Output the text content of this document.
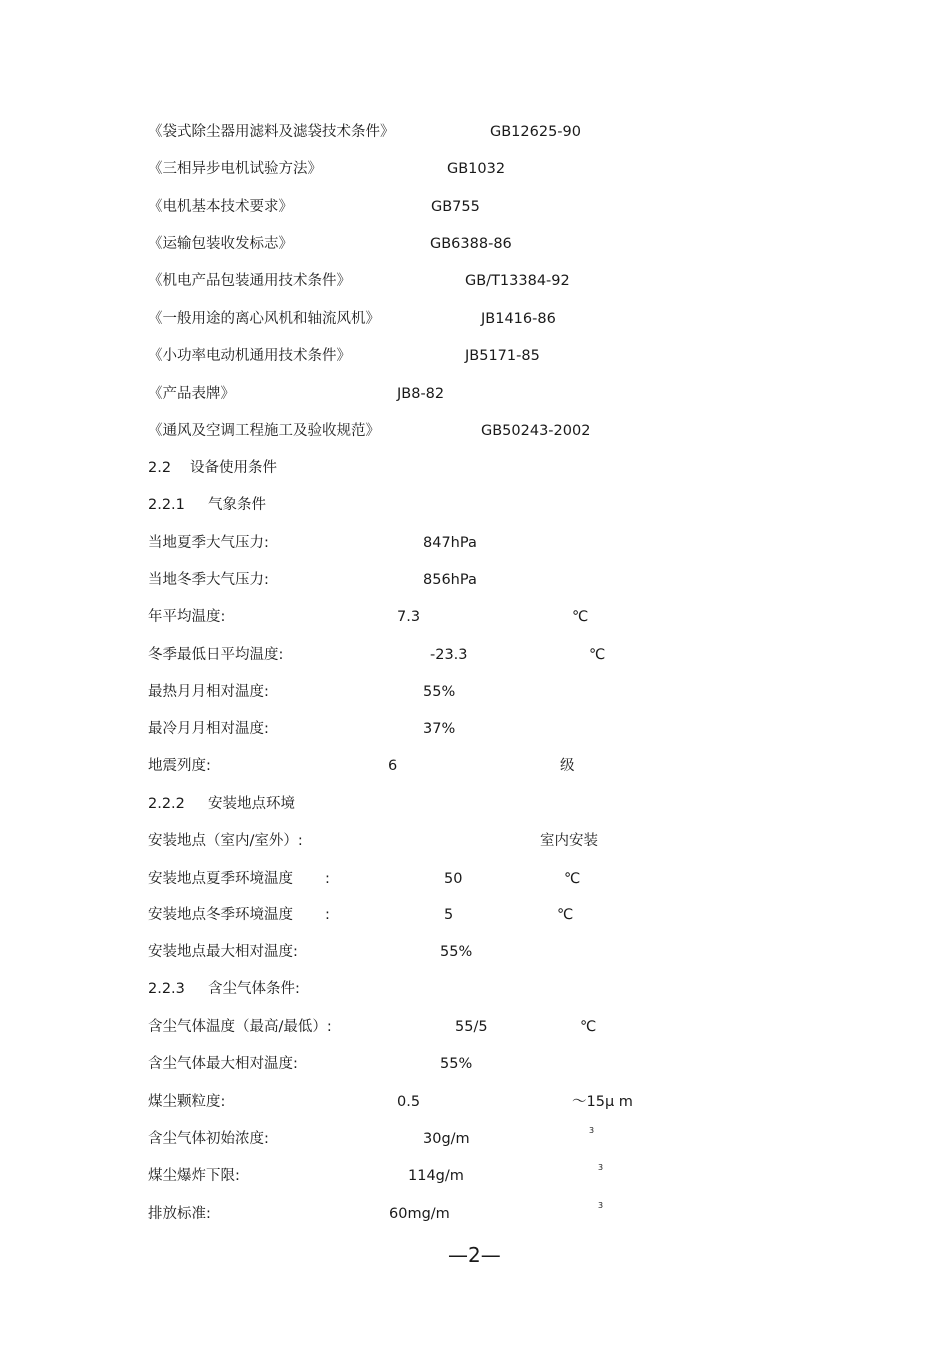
《袋式除尘器用滤料及滤袋技术条件》	GB12625-90
《三相异步电机试验方法》	GB1032
《电机基本技术要求》	GB755
《运输包装收发标志》	GB6388-86
《机电产品包装通用技术条件》	GB/T13384-92
《一般用途的离心风机和轴流风机》	JB1416-86
《小功率电动机通用技术条件》	JB5171-85
《产品表牌》	JB8-82
《通风及空调工程施工及验收规范》	GB50243-2002
2.2 设备使用条件
2.2.1 气象条件
当地夏季大气压力:	847hPa
当地冬季大气压力:	856hPa
年平均温度:	7.3	℃
冬季最低日平均温度:	-23.3	℃
最热月月相对温度:	55%
最冷月月相对温度:	37%
地震列度:	6	级
2.2.2 安装地点环境
安装地点（室内/室外）:	室内安装
安装地点夏季环境温度 :	50	℃
安装地点冬季环境温度 :	5	℃
安装地点最大相对温度:	55%
2.2.3 含尘气体条件:
含尘气体温度（最高/最低）:	55/5	℃
含尘气体最大相对温度:	55%
煤尘颗粒度:	0.5	～15μ m
含尘气体初始浓度:	30g/m
3
煤尘爆炸下限:	114g/m
3
排放标准:	60mg/m
3
—2—
